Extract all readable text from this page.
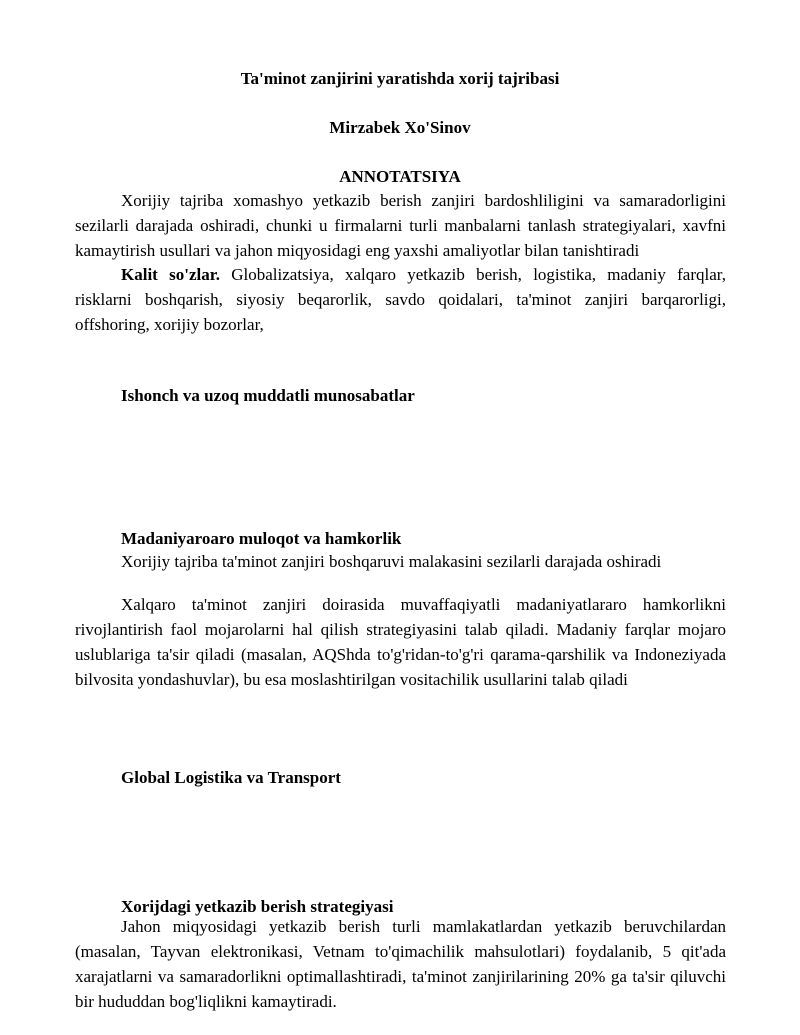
Ta'minot zanjirini yaratishda xorij tajribasi

Mirzabek Xo'Sinov

ANNOTATSIYA

Xorijiy tajriba xomashyo yetkazib berish zanjiri bardoshliligini va samaradorligini sezilarli darajada oshiradi, chunki u firmalarni turli manbalarni tanlash strategiyalari, xavfni kamaytirish usullari va jahon miqyosidagi eng yaxshi amaliyotlar bilan tanishtiradi

Kalit so'zlar. Globalizatsiya, xalqaro yetkazib berish, logistika, madaniy farqlar, risklarni boshqarish, siyosiy beqarorlik, savdo qoidalari, ta'minot zanjiri barqarorligi, offshoring, xorijiy bozorlar,

Ishonch va uzoq muddatli munosabatlar

Madaniyaroaro muloqot va hamkorlik

Xorijiy tajriba ta'minot zanjiri boshqaruvi malakasini sezilarli darajada oshiradi

Xalqaro ta'minot zanjiri doirasida muvaffaqiyatli madaniyatlararo hamkorlikni rivojlantirish faol mojarolarni hal qilish strategiyasini talab qiladi. Madaniy farqlar mojaro uslublariga ta'sir qiladi (masalan, AQShda to'g'ridan-to'g'ri qarama-qarshilik va Indoneziyada bilvosita yondashuvlar), bu esa moslashtirilgan vositachilik usullarini talab qiladi

Global Logistika va Transport

Xorijdagi yetkazib berish strategiyasi

Jahon miqyosidagi yetkazib berish turli mamlakatlardan yetkazib beruvchilardan (masalan, Tayvan elektronikasi, Vetnam to'qimachilik mahsulotlari) foydalanib, 5 qit'ada xarajatlarni va samaradorlikni optimallashtiradi, ta'minot zanjirilarining 20% ga ta'sir qiluvchi bir hududdan bog'liqlikni kamaytiradi.
